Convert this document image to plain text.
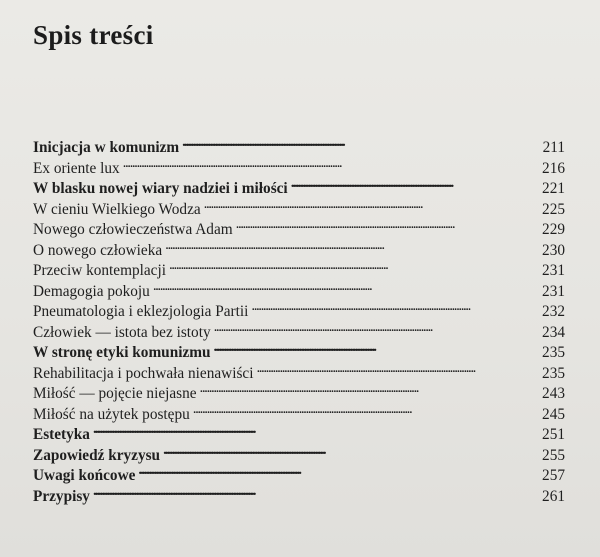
Spis treści
Inicjacja w komunizm . . .	211
Ex oriente lux . . .	216
W blasku nowej wiary nadziei i miłości . . .	221
W cieniu Wielkiego Wodza . . .	225
Nowego człowieczeństwa Adam . . .	229
O nowego człowieka . . .	230
Przeciw kontemplacji . . .	231
Demagogia pokoju . . .	231
Pneumatologia i eklezjologia Partii . . .	232
Człowiek — istota bez istoty . . .	234
W stronę etyki komunizmu . . .	235
Rehabilitacja i pochwała nienawiści . . .	235
Miłość — pojęcie niejasne . . .	243
Miłość na użytek postępu . . .	245
Estetyka . . .	251
Zapowiedź kryzysu . . .	255
Uwagi końcowe . . .	257
Przypisy . . .	261
